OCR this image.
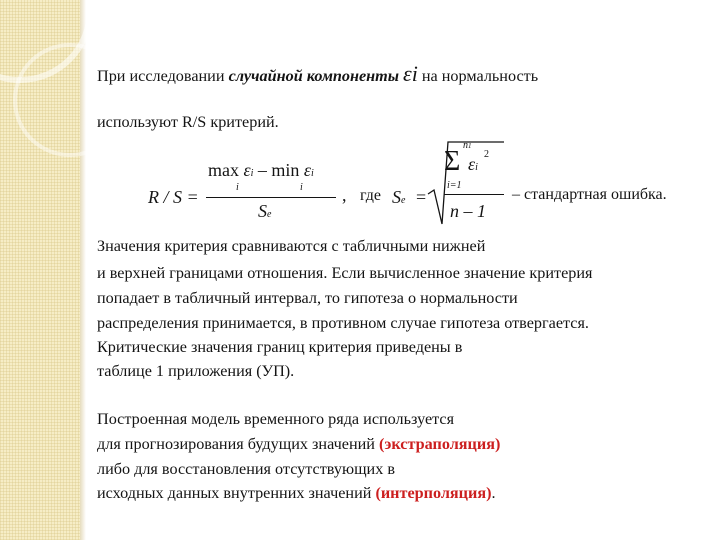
При исследовании случайной компоненты εi на нормальность
используют R/S критерий.
R / S =
max εi – min εi
i	i
Se
, где Se =
n1
Σ εi
2
i=1
n – 1
– стандартная ошибка.
Значения критерия сравниваются с табличными нижней
и верхней границами отношения. Если вычисленное значение критерия
попадает в табличный интервал, то гипотеза о нормальности
распределения принимается, в противном случае гипотеза отвергается.
Критические значения границ критерия приведены в
таблице 1 приложения (УП).
Построенная модель временного ряда используется
для прогнозирования будущих значений (экстраполяция)
либо для восстановления отсутствующих в
исходных данных внутренних значений (интерполяция).
